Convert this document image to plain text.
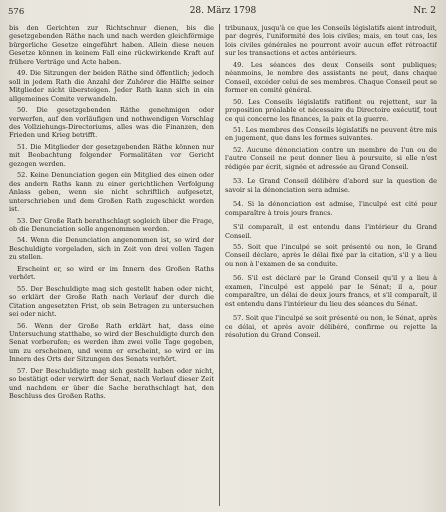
576	28. März 1798	Nr. 2

bis den Gerichten zur Richtschnur dienen, bis die gesetzgebenden Räthe nach und nach werden gleichförmige bürgerliche Gesetze eingeführt haben. Allein diese neuen Gesetze können in keinem Fall eine rückwirkende Kraft auf frühere Verträge und Acte haben.

49. Die Sitzungen der beiden Räthe sind öffentlich; jedoch soll in jedem Rath die Anzahl der Zuhörer die Hälfte seiner Mitglieder nicht übersteigen. Jeder Rath kann sich in ein allgemeines Comite verwandeln.

50. Die gesetzgebenden Räthe genehmigen oder verwerfen, auf den vorläufigen und nothwendigen Vorschlag des Vollziehungs-Directoriums, alles was die Finanzen, den Frieden und Krieg betrifft.

51. Die Mitglieder der gesetzgebenden Räthe können nur mit Beobachtung folgender Formalitäten vor Gericht gezogen werden.

52. Keine Denunciation gegen ein Mitglied des einen oder des andern Raths kann zu einer gerichtlichen Verfolgung Anlass geben, wenn sie nicht schriftlich aufgesetzt, unterschrieben und dem Großen Rath zugeschickt worden ist.

53. Der Große Rath berathschlagt sogleich über die Frage, ob die Denunciation solle angenommen werden.

54. Wenn die Denunciation angenommen ist, so wird der Beschuldigte vorgeladen, sich in Zeit von drei vollen Tagen zu stellen.

Erscheint er, so wird er im Innern des Großen Raths verhört.

55. Der Beschuldigte mag sich gestellt haben oder nicht, so erklärt der Große Rath nach Verlauf der durch die Citation angesetzten Frist, ob sein Betragen zu untersuchen sei oder nicht.

56. Wenn der Große Rath erklärt hat, dass eine Untersuchung statthabe, so wird der Beschuldigte durch den Senat vorberufen; es werden ihm zwei volle Tage gegeben, um zu erscheinen, und wenn er erscheint, so wird er im Innern des Orts der Sitzungen des Senats verhört.

57. Der Beschuldigte mag sich gestellt haben oder nicht, so bestätigt oder verwirft der Senat, nach Verlauf dieser Zeit und nachdem er über die Sache berathschlagt hat, den Beschluss des Großen Raths.

tribunaux, jusqu'à ce que les Conseils législatifs aient introduit, par degrés, l'uniformité des lois civiles; mais, en tout cas, les lois civiles générales ne pourront avoir aucun effet rétroactif sur les transactions et actes antérieurs.

49. Les séances des deux Conseils sont publiques; néanmoins, le nombre des assistants ne peut, dans chaque Conseil, excéder celui de ses membres. Chaque Conseil peut se former en comité général.

50. Les Conseils législatifs ratifient ou rejettent, sur la proposition préalable et nécessaire du Directoire exécutif, tout ce qui concerne les finances, la paix et la guerre.

51. Les membres des Conseils législatifs ne peuvent être mis en jugement, que dans les formes suivantes.

52. Aucune dénonciation contre un membre de l'un ou de l'autre Conseil ne peut donner lieu à poursuite, si elle n'est rédigée par écrit, signée et adressée au Grand Conseil.

53. Le Grand Conseil délibère d'abord sur la question de savoir si la dénonciation sera admise.

54. Si la dénonciation est admise, l'inculpé est cité pour comparaître à trois jours francs.

S'il comparaît, il est entendu dans l'intérieur du Grand Conseil.

55. Soit que l'inculpé se soit présenté ou non, le Grand Conseil déclare, après le délai fixé par la citation, s'il y a lieu ou non à l'examen de sa conduite.

56. S'il est déclaré par le Grand Conseil qu'il y a lieu à examen, l'inculpé est appelé par le Sénat; il a, pour comparaître, un délai de deux jours francs, et s'il comparaît, il est entendu dans l'intérieur du lieu des séances du Sénat.

57. Soit que l'inculpé se soit présenté ou non, le Sénat, après ce délai, et après avoir délibéré, confirme ou rejette la résolution du Grand Conseil.
